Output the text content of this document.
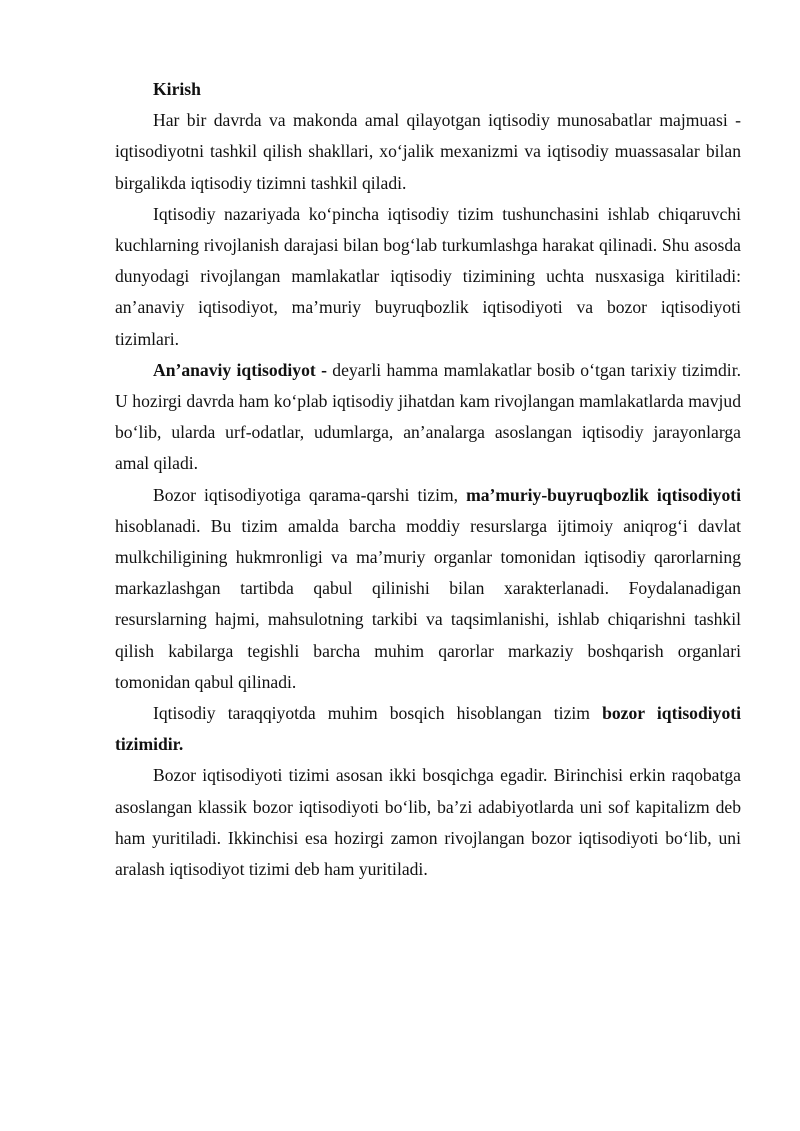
Kirish

Har bir davrda va makonda amal qilayotgan iqtisodiy munosabatlar majmuasi -iqtisodiyotni tashkil qilish shakllari, xo‘jalik mexanizmi va iqtisodiy muassasalar bilan birgalikda iqtisodiy tizimni tashkil qiladi.

Iqtisodiy nazariyada ko‘pincha iqtisodiy tizim tushunchasini ishlab chiqaruvchi kuchlarning rivojlanish darajasi bilan bog‘lab turkumlashga harakat qilinadi. Shu asosda dunyodagi rivojlangan mamlakatlar iqtisodiy tizimining uchta nusxasiga kiritiladi: an’anaviy iqtisodiyot, ma’muriy buyruqbozlik iqtisodiyoti va bozor iqtisodiyoti tizimlari.

An’anaviy iqtisodiyot - deyarli hamma mamlakatlar bosib o‘tgan tarixiy tizimdir. U hozirgi davrda ham ko‘plab iqtisodiy jihatdan kam rivojlangan mamlakatlarda mavjud bo‘lib, ularda urf-odatlar, udumlarga, an’analarga asoslangan iqtisodiy jarayonlarga amal qiladi.

Bozor iqtisodiyotiga qarama-qarshi tizim, ma’muriy-buyruqbozlik iqtisodiyoti hisoblanadi. Bu tizim amalda barcha moddiy resurslarga ijtimoiy aniqrog‘i davlat mulkchiligining hukmronligi va ma’muriy organlar tomonidan iqtisodiy qarorlarning markazlashgan tartibda qabul qilinishi bilan xarakterlanadi. Foydalanadigan resurslarning hajmi, mahsulotning tarkibi va taqsimlanishi, ishlab chiqarishni tashkil qilish kabilarga tegishli barcha muhim qarorlar markaziy boshqarish organlari tomonidan qabul qilinadi.

Iqtisodiy taraqqiyotda muhim bosqich hisoblangan tizim bozor iqtisodiyoti tizimidir.

Bozor iqtisodiyoti tizimi asosan ikki bosqichga egadir. Birinchisi erkin raqobatga asoslangan klassik bozor iqtisodiyoti bo‘lib, ba’zi adabiyotlarda uni sof kapitalizm deb ham yuritiladi. Ikkinchisi esa hozirgi zamon rivojlangan bozor iqtisodiyoti bo‘lib, uni aralash iqtisodiyot tizimi deb ham yuritiladi.
